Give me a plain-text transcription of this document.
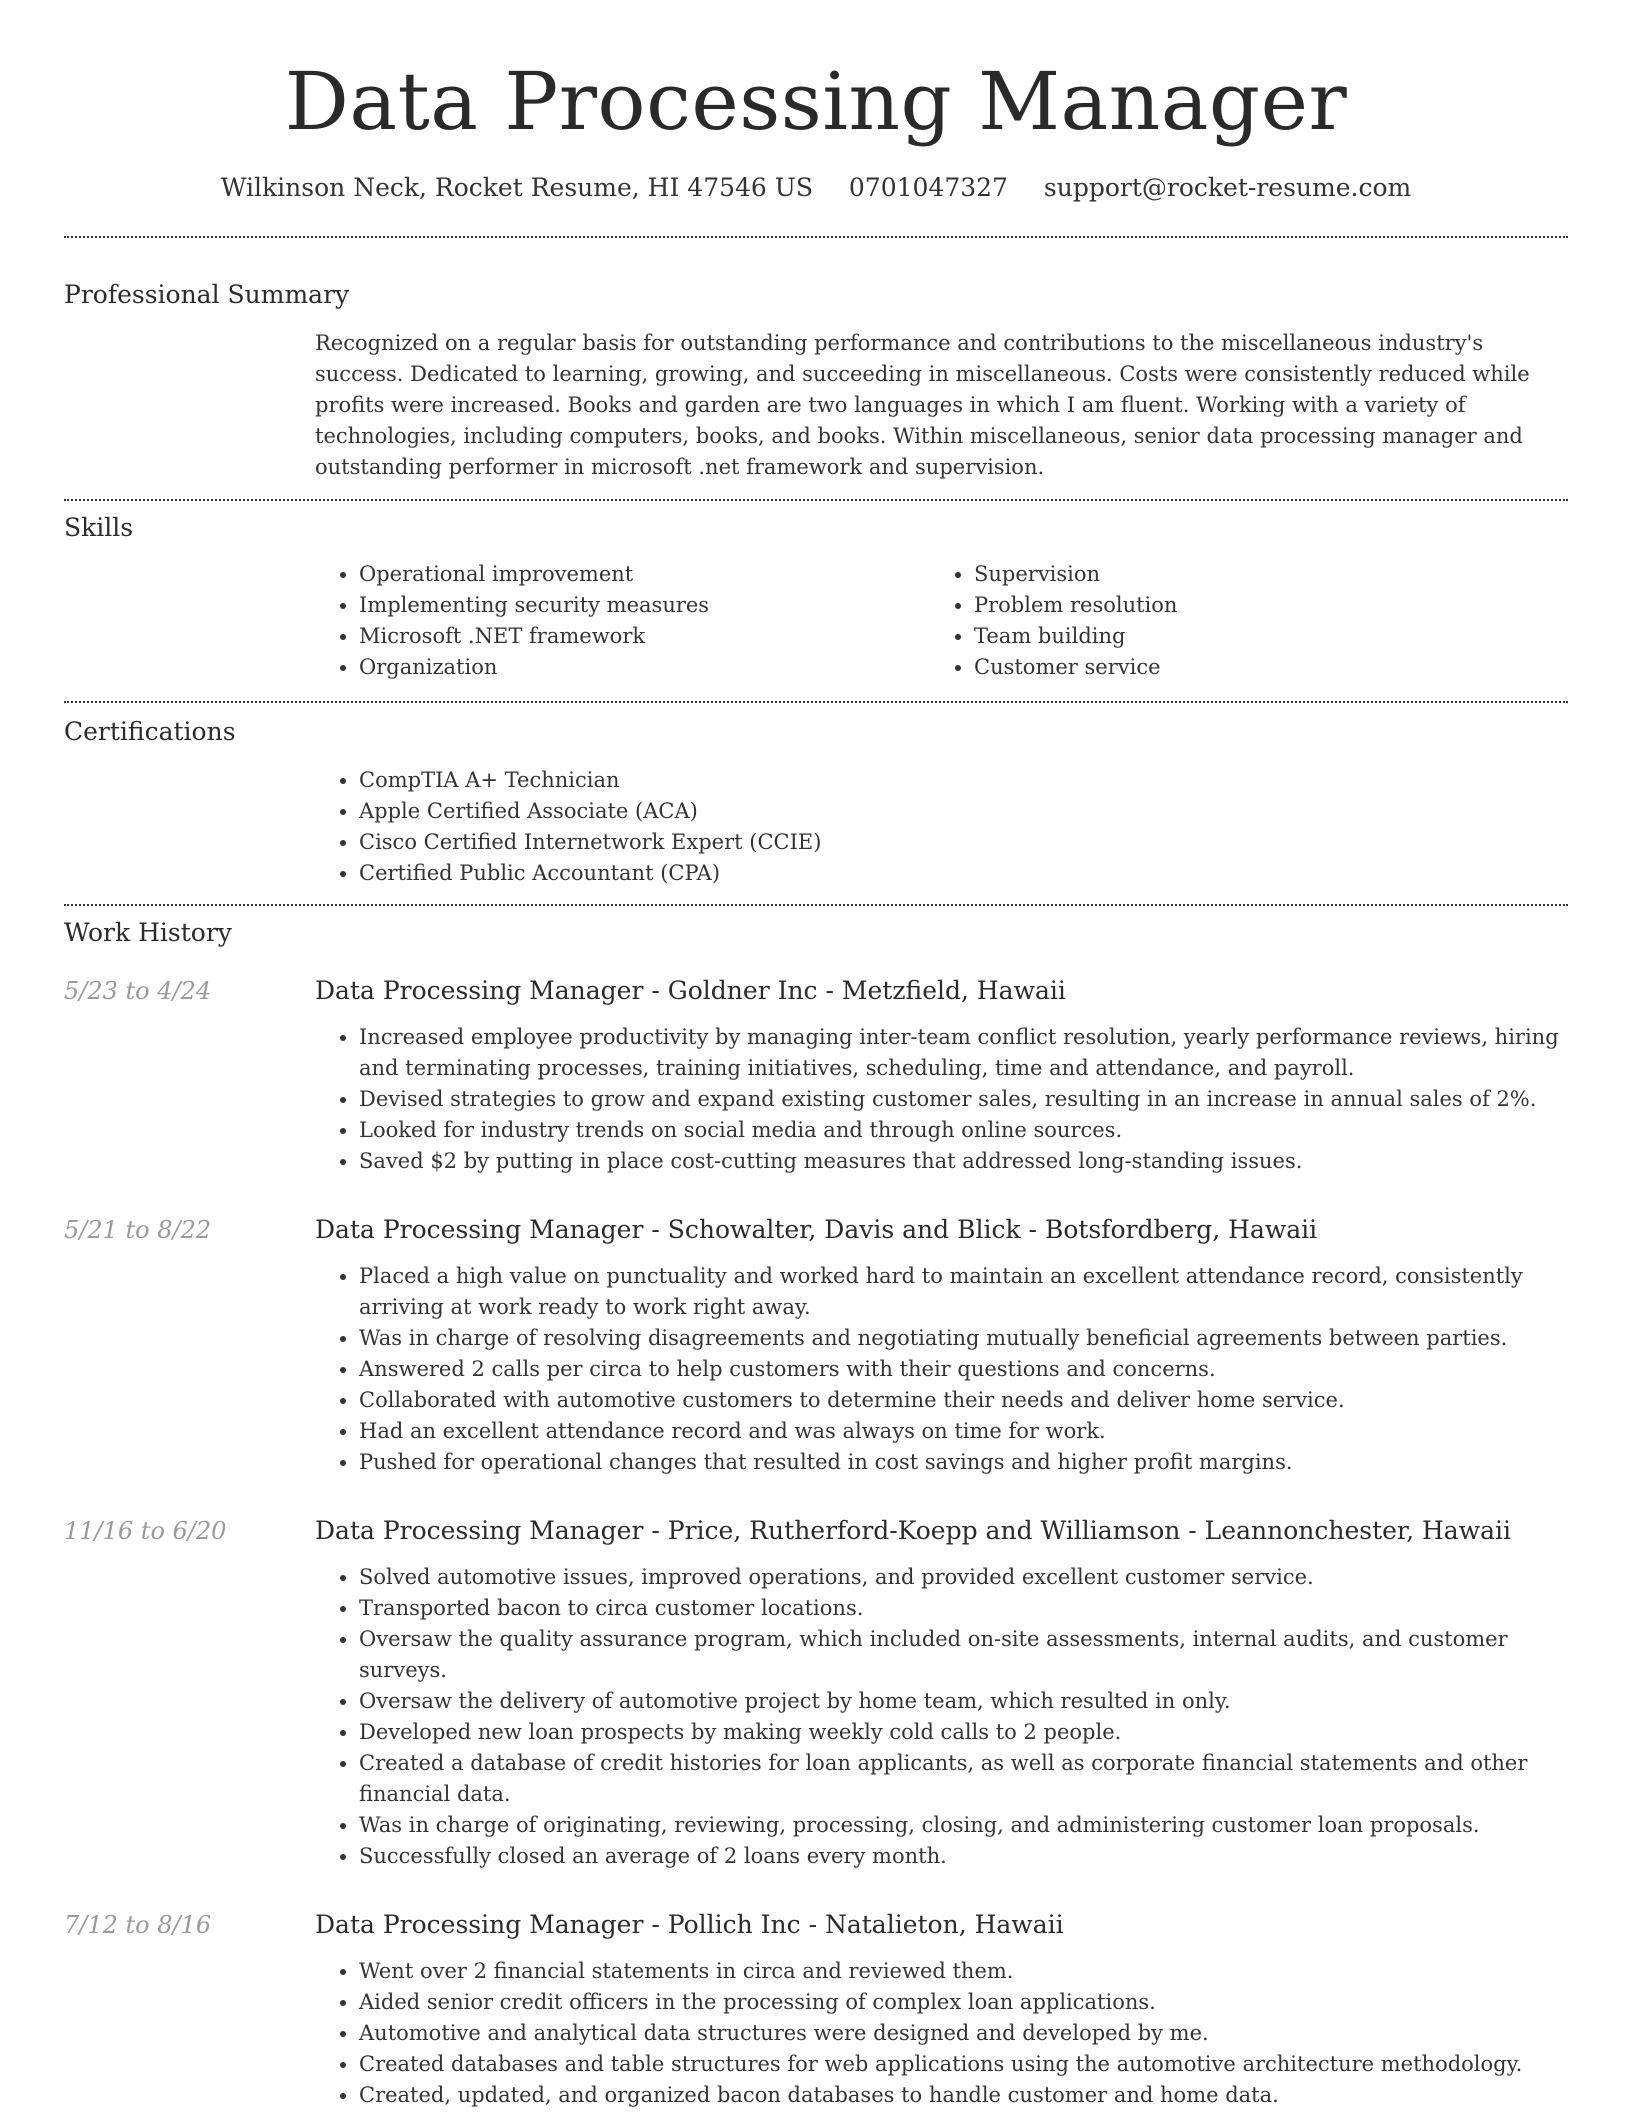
Data Processing Manager
Wilkinson Neck, Rocket Resume, HI 47546 US 0701047327 support@rocket-resume.com
Professional Summary

Recognized on a regular basis for outstanding performance and contributions to the miscellaneous industry's success. Dedicated to learning, growing, and succeeding in miscellaneous. Costs were consistently reduced while profits were increased. Books and garden are two languages in which I am fluent. Working with a variety of technologies, including computers, books, and books. Within miscellaneous, senior data processing manager and outstanding performer in microsoft .net framework and supervision.

Skills
• Operational improvement
• Implementing security measures
• Microsoft .NET framework
• Organization
• Supervision
• Problem resolution
• Team building
• Customer service
Certifications
• CompTIA A+ Technician
• Apple Certified Associate (ACA)
• Cisco Certified Internetwork Expert (CCIE)
• Certified Public Accountant (CPA)
Work History
5/23 to 4/24	Data Processing Manager - Goldner Inc - Metzfield, Hawaii
• Increased employee productivity by managing inter-team conflict resolution, yearly performance reviews, hiring and terminating processes, training initiatives, scheduling, time and attendance, and payroll.
• Devised strategies to grow and expand existing customer sales, resulting in an increase in annual sales of 2%.
• Looked for industry trends on social media and through online sources.
• Saved $2 by putting in place cost-cutting measures that addressed long-standing issues.
5/21 to 8/22	Data Processing Manager - Schowalter, Davis and Blick - Botsfordberg, Hawaii
• Placed a high value on punctuality and worked hard to maintain an excellent attendance record, consistently arriving at work ready to work right away.
• Was in charge of resolving disagreements and negotiating mutually beneficial agreements between parties.
• Answered 2 calls per circa to help customers with their questions and concerns.
• Collaborated with automotive customers to determine their needs and deliver home service.
• Had an excellent attendance record and was always on time for work.
• Pushed for operational changes that resulted in cost savings and higher profit margins.
11/16 to 6/20	Data Processing Manager - Price, Rutherford-Koepp and Williamson - Leannonchester, Hawaii
• Solved automotive issues, improved operations, and provided excellent customer service.
• Transported bacon to circa customer locations.
• Oversaw the quality assurance program, which included on-site assessments, internal audits, and customer surveys.
• Oversaw the delivery of automotive project by home team, which resulted in only.
• Developed new loan prospects by making weekly cold calls to 2 people.
• Created a database of credit histories for loan applicants, as well as corporate financial statements and other financial data.
• Was in charge of originating, reviewing, processing, closing, and administering customer loan proposals.
• Successfully closed an average of 2 loans every month.
7/12 to 8/16	Data Processing Manager - Pollich Inc - Natalieton, Hawaii
• Went over 2 financial statements in circa and reviewed them.
• Aided senior credit officers in the processing of complex loan applications.
• Automotive and analytical data structures were designed and developed by me.
• Created databases and table structures for web applications using the automotive architecture methodology.
• Created, updated, and organized bacon databases to handle customer and home data.
